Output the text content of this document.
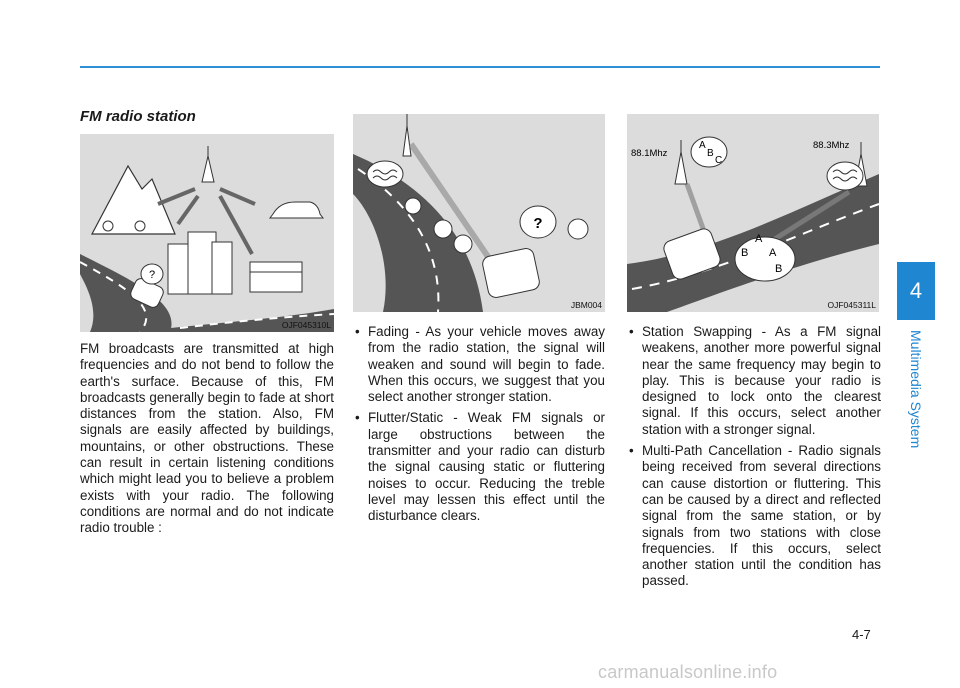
4
Multimedia System
FM radio station
?
OJF045310L
?
JBM004
88.1Mhz
88.3Mhz
A
B
C
A
B A
B
OJF045311L

FM broadcasts are transmitted at high frequencies and do not bend to follow the earth's surface. Because of this, FM broadcasts generally begin to fade at short distances from the station. Also, FM signals are easily affected by buildings, mountains, or other obstructions. These can result in certain listening conditions which might lead you to believe a problem exists with your radio. The following conditions are normal and do not indicate radio trouble :

• Fading - As your vehicle moves away from the radio station, the signal will weaken and sound will begin to fade. When this occurs, we suggest that you select another stronger station.
• Flutter/Static - Weak FM signals or large obstructions between the transmitter and your radio can disturb the signal causing static or fluttering noises to occur. Reducing the treble level may lessen this effect until the disturbance clears.
• Station Swapping - As a FM signal weakens, another more powerful signal near the same frequency may begin to play. This is because your radio is designed to lock onto the clearest signal. If this occurs, select another station with a stronger signal.
• Multi-Path Cancellation - Radio signals being received from several directions can cause distortion or fluttering. This can be caused by a direct and reflected signal from the same station, or by signals from two stations with close frequencies. If this occurs, select another station until the condition has passed.
4-7
carmanualsonline.info
